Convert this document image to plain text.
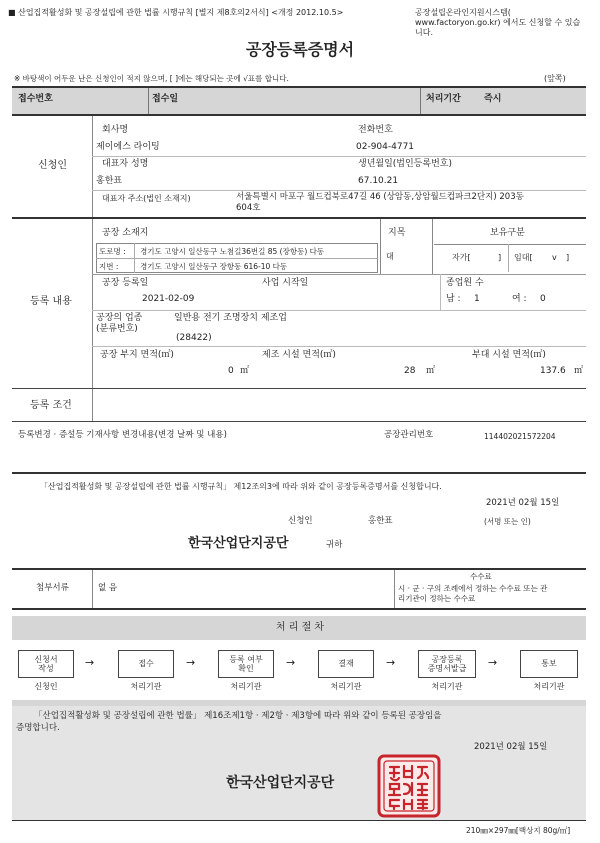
■ 산업집적활성화 및 공장설립에 관한 법률 시행규칙 [별지 제8호의2서식] <개정 2012.10.5>	공장설립온라인지원시스템(
www.factoryon.go.kr) 에서도 신청할 수 있습
니다.
공장등록증명서
※ 바탕색이 어두운 난은 신청인이 적지 않으며, [ ]에는 해당되는 곳에 √표를 합니다.	(앞쪽)
접수번호	접수일	처리기간	즉시
신청인
회사명
제이에스 라이팅
전화번호
02-904-4771
대표자 성명
홍한표
생년월일(법인등록번호)
67.10.21
대표자 주소(법인 소재지)	서울특별시 마포구 월드컵북로47길 46 (상암동,상암월드컵파크2단지) 203동
604호
등록 내용
공장 소재지
도로명 : 경기도 고양시 일산동구 노첨길36번길 85 (장항동) 다동
지번 :	경기도 고양시 일산동구 장항동 616-10 다동
지목
대
보유구분
자가[	] 임대[ v ]
공장 등록일
2021-02-09
사업 시작일	종업원 수
남 : 1	여 : 0
공장의 업종
(분류번호)
일반용 전기 조명장치 제조업
(28422)
공장 부지 면적(㎡)
0 ㎡
제조 시설 면적(㎡)
28 ㎡
부대 시설 면적(㎡)
137.6 ㎡
등록 조건
등록변경 · 증설등 기재사항 변경내용(변경 날짜 및 내용)	공장관리번호	114402021572204
「산업집적활성화 및 공장설립에 관한 법률 시행규칙」 제12조의3에 따라 위와 같이 공장등록증명서를 신청합니다.
2021년 02월 15일
신청인	홍한표	(서명 또는 인)
한국산업단지공단	귀하
첨부서류	없 음
수수료
시 · 군 · 구의 조례에서 정하는 수수료 또는 관
리기관이 정하는 수수료
처 리 절 차
신청서
작성	→	접수	→	등록 여부
확인	→	결재	→	공장등록
증명서발급 →	통보
신청인	처리기관	처리기관	처리기관	처리기관	처리기관
「산업집적활성화 및 공장설립에 관한 법률」 제16조제1항 · 제2항 · 제3항에 따라 위와 같이 등록된 공장임을
증명합니다.
2021년 02월 15일
한국산업단지공단
210㎜×297㎜[백상지 80g/㎡]
